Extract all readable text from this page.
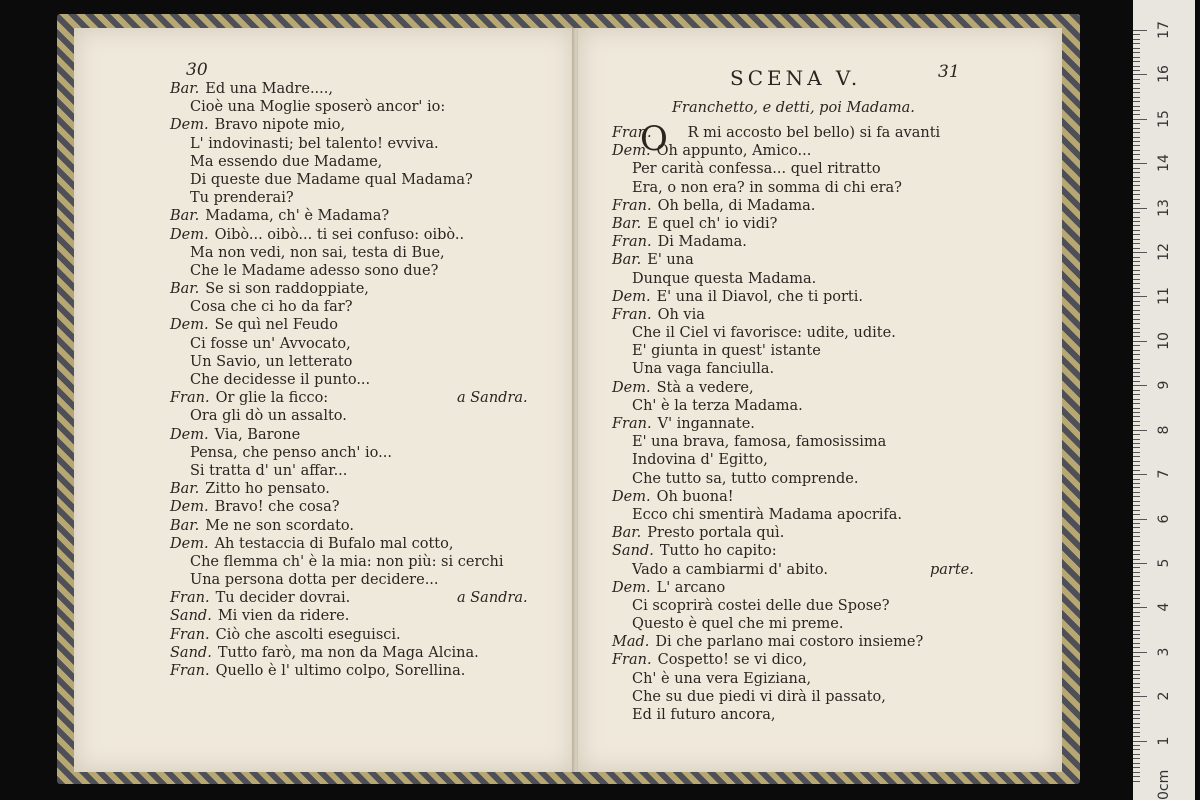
30	31
SCENA V.
Franchetto, e detti, poi Madama.
O
Bar. Ed una Madre....,
Cioè una Moglie sposerò ancor' io:
Dem. Bravo nipote mio,
L' indovinasti; bel talento! evviva.
Ma essendo due Madame,
Di queste due Madame qual Madama?
Tu prenderai?
Bar. Madama, ch' è Madama?
Dem. Oibò... oibò... ti sei confuso: oibò..
Ma non vedi, non sai, testa di Bue,
Che le Madame adesso sono due?
Bar. Se si son raddoppiate,
Cosa che ci ho da far?
Dem. Se quì nel Feudo
Ci fosse un' Avvocato,
Un Savio, un letterato
Che decidesse il punto...
Fran. Or glie la ficco:	a Sandra.
Ora gli dò un assalto.
Dem. Via, Barone
Pensa, che penso anch' io...
Si tratta d' un' affar...
Bar. Zitto ho pensato.
Dem. Bravo! che cosa?
Bar. Me ne son scordato.
Dem. Ah testaccia di Bufalo mal cotto,
Che flemma ch' è la mia: non più: si cerchi
Una persona dotta per decidere...
Fran. Tu decider dovrai.	a Sandra.
Sand. Mi vien da ridere.
Fran. Ciò che ascolti eseguisci.
Sand. Tutto farò, ma non da Maga Alcina.
Fran. Quello è l' ultimo colpo, Sorellina.
Fran. R mi accosto bel bello) si fa avanti
Dem. Oh appunto, Amico...
Per carità confessa... quel ritratto
Era, o non era? in somma di chi era?
Fran. Oh bella, di Madama.
Bar. E quel ch' io vidi?
Fran. Di Madama.
Bar. E' una
Dunque questa Madama.
Dem. E' una il Diavol, che ti porti.
Fran. Oh via
Che il Ciel vi favorisce: udite, udite.
E' giunta in quest' istante
Una vaga fanciulla.
Dem. Stà a vedere,
Ch' è la terza Madama.
Fran. V' ingannate.
E' una brava, famosa, famosissima
Indovina d' Egitto,
Che tutto sa, tutto comprende.
Dem. Oh buona!
Ecco chi smentirà Madama apocrifa.
Bar. Presto portala quì.
Sand. Tutto ho capito:
Vado a cambiarmi d' abito.	parte.
Dem. L' arcano
Ci scoprirà costei delle due Spose?
Questo è quel che mi preme.
Mad. Di che parlano mai costoro insieme?
Fran. Cospetto! se vi dico,
Ch' è una vera Egiziana,
Che su due piedi vi dirà il passato,
Ed il futuro ancora,
17
16
15
14
13
12
11
10
9
8
7
6
5
4
3
2
1
0cm
